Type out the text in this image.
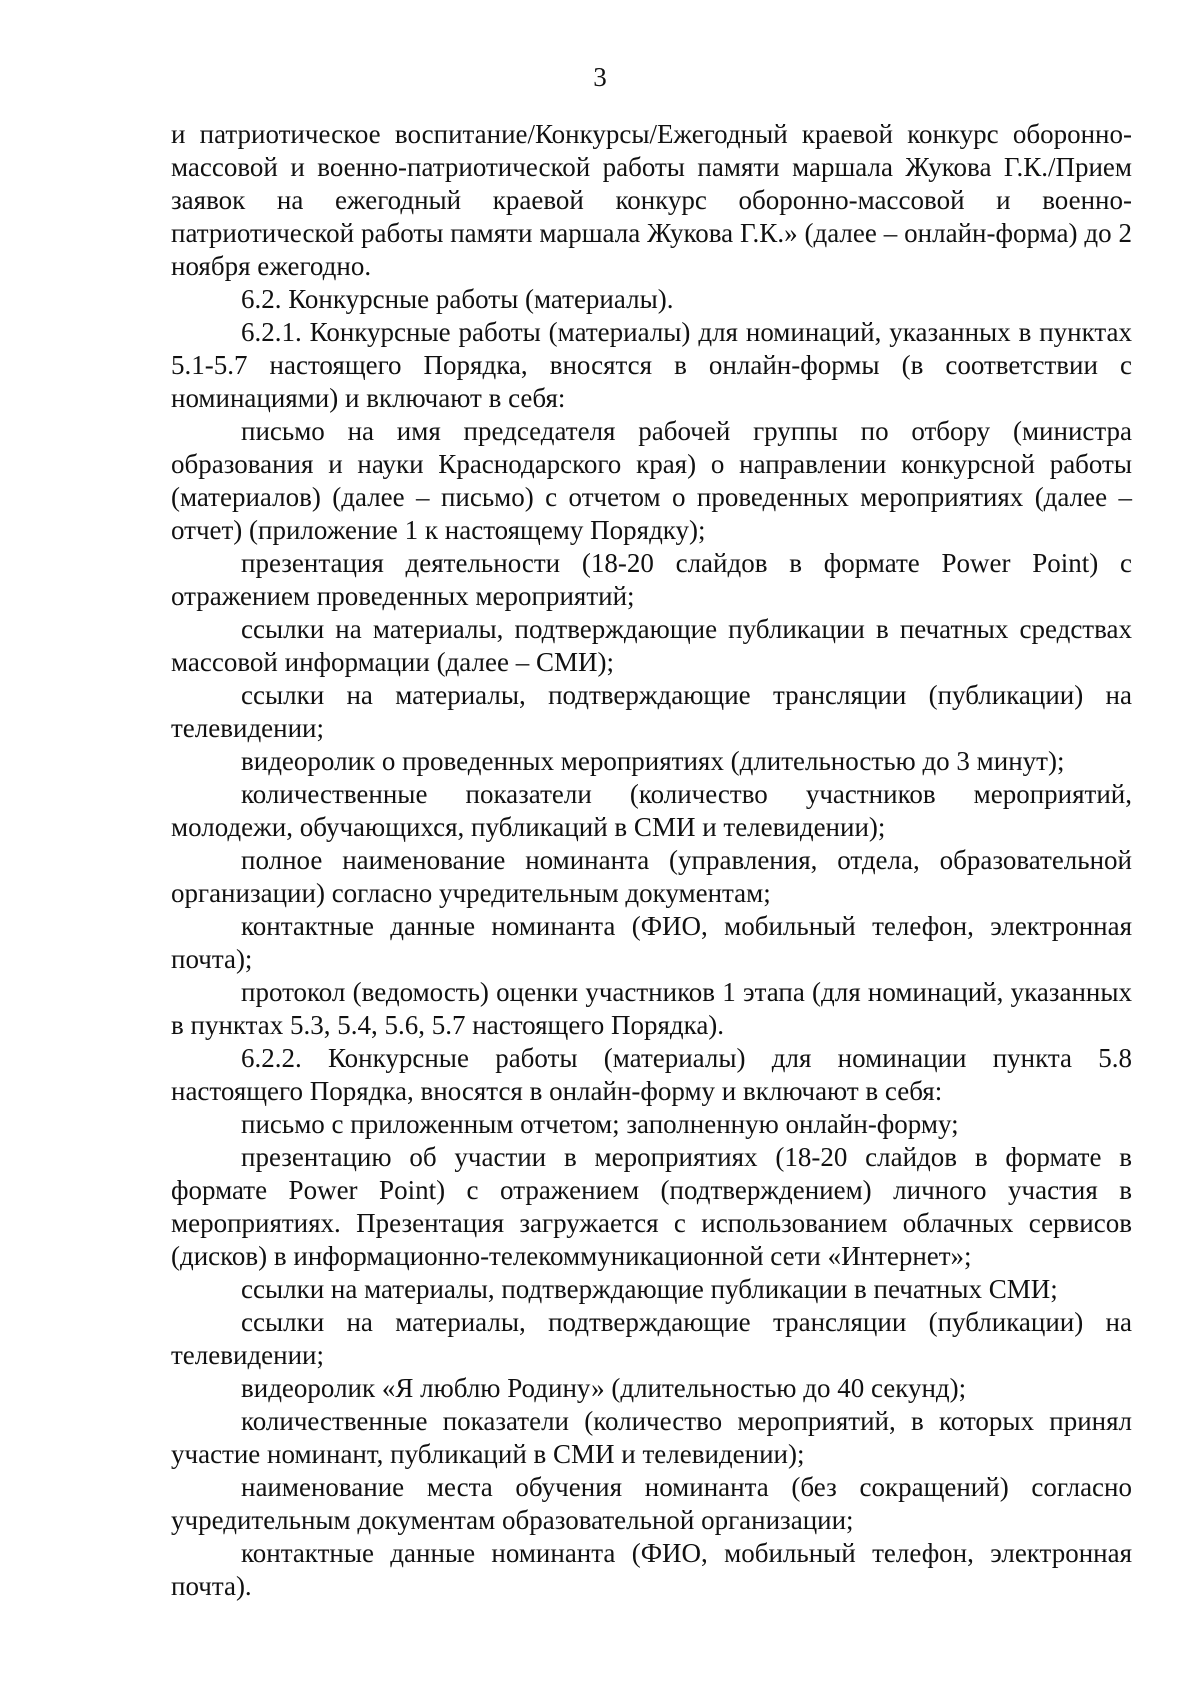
3

и патриотическое воспитание/Конкурсы/Ежегодный краевой конкурс оборонно-массовой и военно-патриотической работы памяти маршала Жукова Г.К./Прием заявок на ежегодный краевой конкурс оборонно-массовой и военно-патриотической работы памяти маршала Жукова Г.К.» (далее – онлайн-форма) до 2 ноября ежегодно.

6.2. Конкурсные работы (материалы).

6.2.1. Конкурсные работы (материалы) для номинаций, указанных в пунктах 5.1-5.7 настоящего Порядка, вносятся в онлайн-формы (в соответствии с номинациями) и включают в себя:

письмо на имя председателя рабочей группы по отбору (министра образования и науки Краснодарского края) о направлении конкурсной работы (материалов) (далее – письмо) с отчетом о проведенных мероприятиях (далее – отчет) (приложение 1 к настоящему Порядку);

презентация деятельности (18-20 слайдов в формате Power Point) с отражением проведенных мероприятий;

ссылки на материалы, подтверждающие публикации в печатных средствах массовой информации (далее – СМИ);

ссылки на материалы, подтверждающие трансляции (публикации) на телевидении;

видеоролик о проведенных мероприятиях (длительностью до 3 минут);

количественные показатели (количество участников мероприятий, молодежи, обучающихся, публикаций в СМИ и телевидении);

полное наименование номинанта (управления, отдела, образовательной организации) согласно учредительным документам;

контактные данные номинанта (ФИО, мобильный телефон, электронная почта);

протокол (ведомость) оценки участников 1 этапа (для номинаций, указанных в пунктах 5.3, 5.4, 5.6, 5.7 настоящего Порядка).

6.2.2. Конкурсные работы (материалы) для номинации пункта 5.8 настоящего Порядка, вносятся в онлайн-форму и включают в себя:

письмо с приложенным отчетом; заполненную онлайн-форму;

презентацию об участии в мероприятиях (18-20 слайдов в формате в формате Power Point) с отражением (подтверждением) личного участия в мероприятиях. Презентация загружается с использованием облачных сервисов (дисков) в информационно-телекоммуникационной сети «Интернет»;

ссылки на материалы, подтверждающие публикации в печатных СМИ;

ссылки на материалы, подтверждающие трансляции (публикации) на телевидении;

видеоролик «Я люблю Родину» (длительностью до 40 секунд);

количественные показатели (количество мероприятий, в которых принял участие номинант, публикаций в СМИ и телевидении);

наименование места обучения номинанта (без сокращений) согласно учредительным документам образовательной организации;

контактные данные номинанта (ФИО, мобильный телефон, электронная почта).
